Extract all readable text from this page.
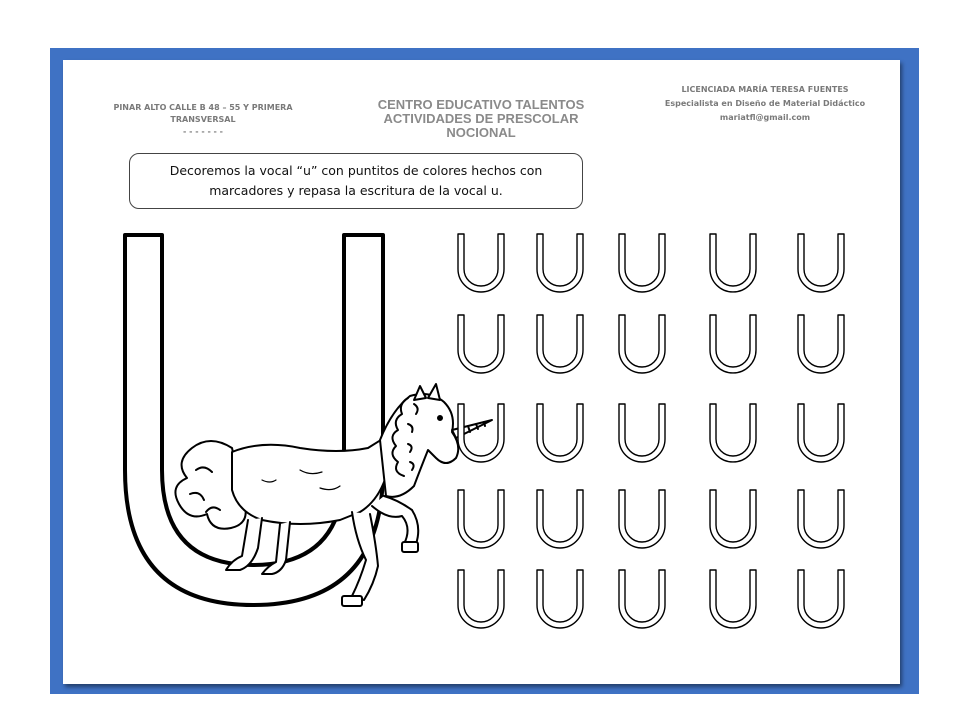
PINAR ALTO CALLE B 48 – 55 Y PRIMERA
TRANSVERSAL
- - - - - - -
CENTRO EDUCATIVO TALENTOS
ACTIVIDADES DE PRESCOLAR
NOCIONAL
LICENCIADA MARÍA TERESA FUENTES
Especialista en Diseño de Material Didáctico
mariatfl@gmail.com
Decoremos la vocal “u” con puntitos de colores hechos con
marcadores y repasa la escritura de la vocal u.
